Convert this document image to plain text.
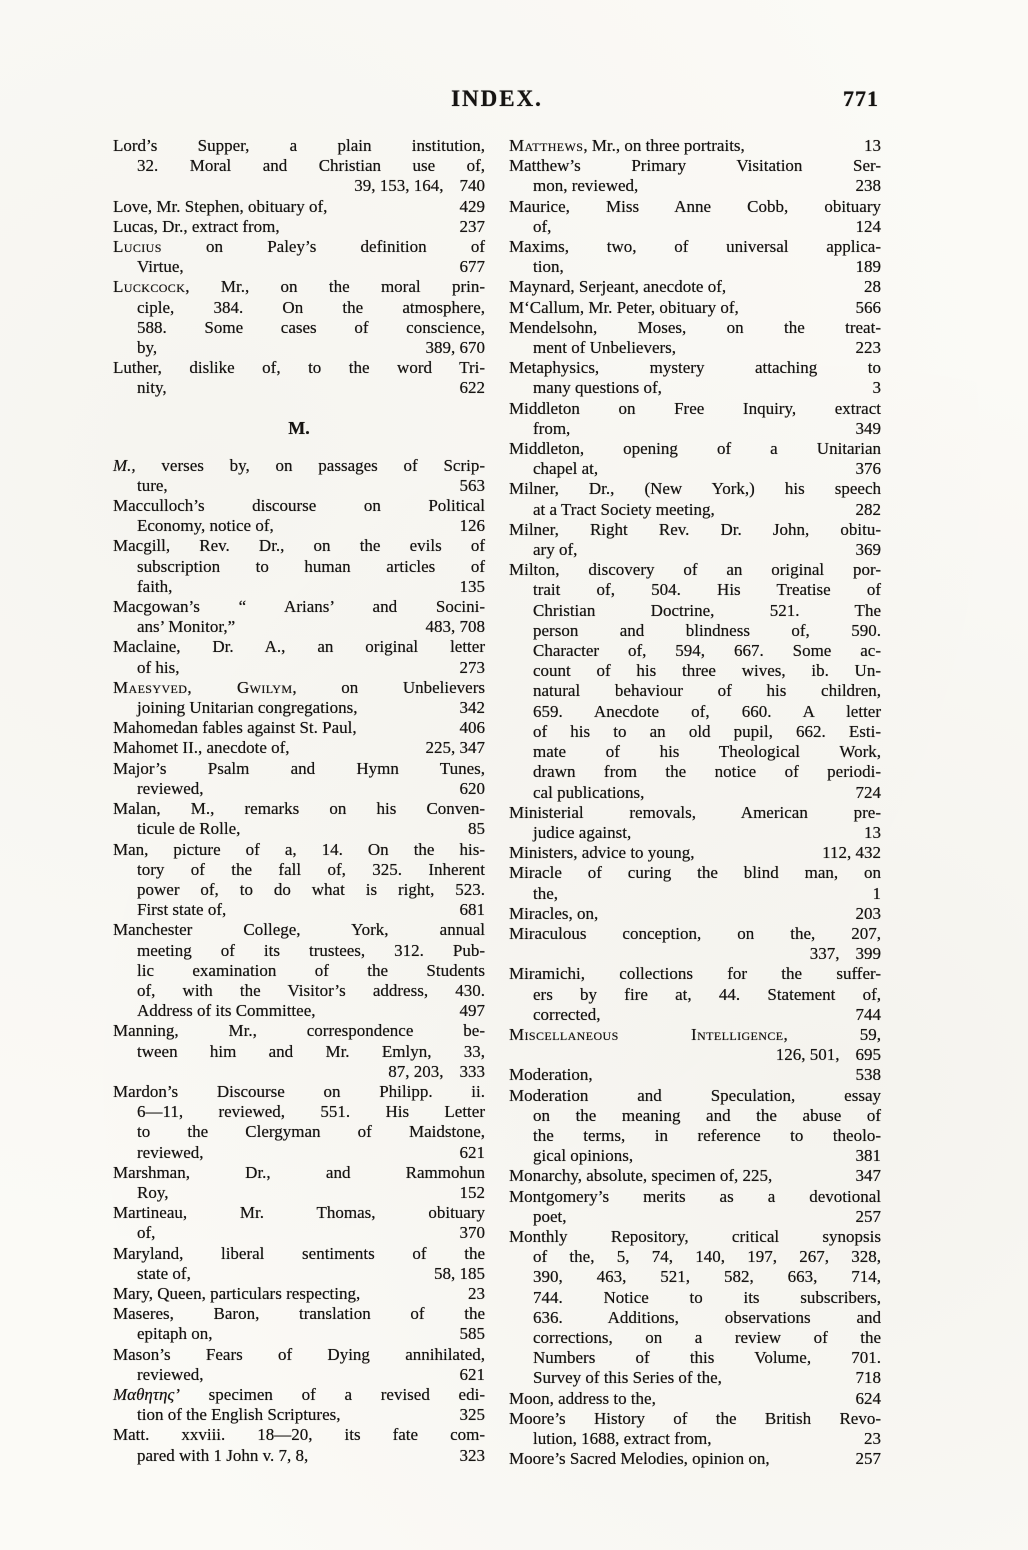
INDEX.	771
Lord’s Supper, a plain institution,
32. Moral and Christian use of,
39, 153, 164, 740
Love, Mr. Stephen, obituary of,	429
Lucas, Dr., extract from,	237
Lucius on Paley’s definition of
Virtue,	677
Luckcock, Mr., on the moral prin-
ciple, 384. On the atmosphere,
588. Some cases of conscience,
by,	389, 670
Luther, dislike of, to the word Tri-
nity,	622
M.
M., verses by, on passages of Scrip-
ture,	563
Macculloch’s discourse on Political
Economy, notice of,	126
Macgill, Rev. Dr., on the evils of
subscription to human articles of
faith,	135
Macgowan’s “ Arians’ and Socini-
ans’ Monitor,”	483, 708
Maclaine, Dr. A., an original letter
of his,	273
Maesyved, Gwilym, on Unbelievers
joining Unitarian congregations,	342
Mahomedan fables against St. Paul,	406
Mahomet II., anecdote of,	225, 347
Major’s Psalm and Hymn Tunes,
reviewed,	620
Malan, M., remarks on his Conven-
ticule de Rolle,	85
Man, picture of a, 14. On the his-
tory of the fall of, 325. Inherent
power of, to do what is right, 523.
First state of,	681
Manchester College, York, annual
meeting of its trustees, 312. Pub-
lic examination of the Students
of, with the Visitor’s address, 430.
Address of its Committee,	497
Manning, Mr., correspondence be-
tween him and Mr. Emlyn, 33,
87, 203, 333
Mardon’s Discourse on Philipp. ii.
6—11, reviewed, 551. His Letter
to the Clergyman of Maidstone,
reviewed,	621
Marshman, Dr., and Rammohun
Roy,	152
Martineau, Mr. Thomas, obituary
of,	370
Maryland, liberal sentiments of the
state of,	58, 185
Mary, Queen, particulars respecting,	23
Maseres, Baron, translation of the
epitaph on,	585
Mason’s Fears of Dying annihilated,
reviewed,	621
Μαθητης’ specimen of a revised edi-
tion of the English Scriptures,	325
Matt. xxviii. 18—20, its fate com-
pared with 1 John v. 7, 8,	323
Matthews, Mr., on three portraits,	13
Matthew’s Primary Visitation Ser-
mon, reviewed,	238
Maurice, Miss Anne Cobb, obituary
of,	124
Maxims, two, of universal applica-
tion,	189
Maynard, Serjeant, anecdote of,	28
M‘Callum, Mr. Peter, obituary of,	566
Mendelsohn, Moses, on the treat-
ment of Unbelievers,	223
Metaphysics, mystery attaching to
many questions of,	3
Middleton on Free Inquiry, extract
from,	349
Middleton, opening of a Unitarian
chapel at,	376
Milner, Dr., (New York,) his speech
at a Tract Society meeting,	282
Milner, Right Rev. Dr. John, obitu-
ary of,	369
Milton, discovery of an original por-
trait of, 504. His Treatise of
Christian Doctrine, 521. The
person and blindness of, 590.
Character of, 594, 667. Some ac-
count of his three wives, ib. Un-
natural behaviour of his children,
659. Anecdote of, 660. A letter
of his to an old pupil, 662. Esti-
mate of his Theological Work,
drawn from the notice of periodi-
cal publications,	724
Ministerial removals, American pre-
judice against,	13
Ministers, advice to young,	112, 432
Miracle of curing the blind man, on
the,	1
Miracles, on,	203
Miraculous conception, on the, 207,
337, 399
Miramichi, collections for the suffer-
ers by fire at, 44. Statement of,
corrected,	744
Miscellaneous Intelligence, 59,
126, 501, 695
Moderation,	538
Moderation and Speculation, essay
on the meaning and the abuse of
the terms, in reference to theolo-
gical opinions,	381
Monarchy, absolute, specimen of, 225,	347
Montgomery’s merits as a devotional
poet,	257
Monthly Repository, critical synopsis
of the, 5, 74, 140, 197, 267, 328,
390, 463, 521, 582, 663, 714,
744. Notice to its subscribers,
636. Additions, observations and
corrections, on a review of the
Numbers of this Volume, 701.
Survey of this Series of the,	718
Moon, address to the,	624
Moore’s History of the British Revo-
lution, 1688, extract from,	23
Moore’s Sacred Melodies, opinion on,	257
